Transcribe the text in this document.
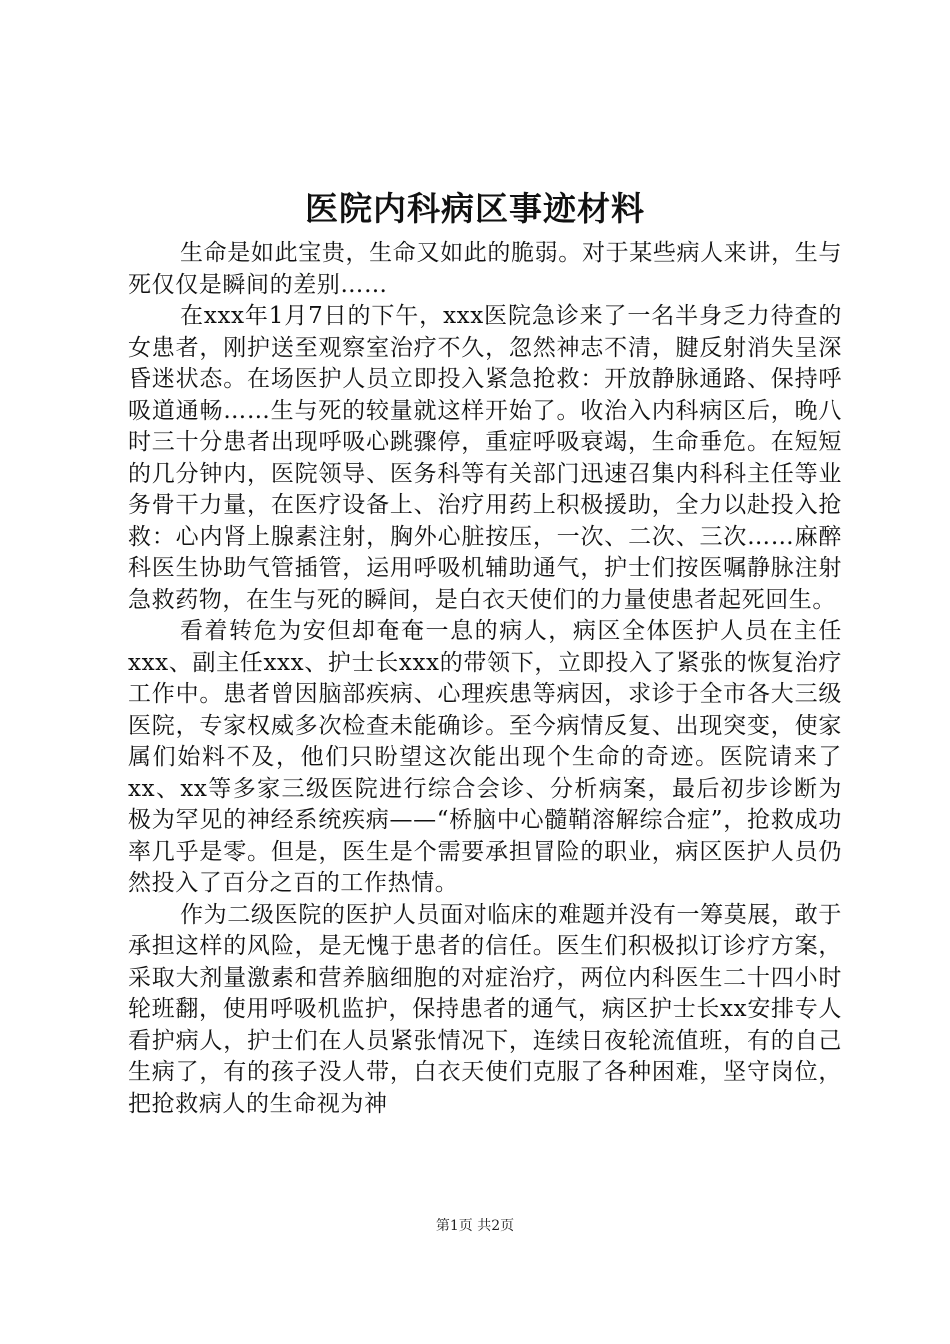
医院内科病区事迹材料

生命是如此宝贵，生命又如此的脆弱。对于某些病人来讲，生与死仅仅是瞬间的差别……

在xxx年1月7日的下午，xxx医院急诊来了一名半身乏力待查的女患者，刚护送至观察室治疗不久，忽然神志不清，腱反射消失呈深昏迷状态。在场医护人员立即投入紧急抢救：开放静脉通路、保持呼吸道通畅……生与死的较量就这样开始了。收治入内科病区后，晚八时三十分患者出现呼吸心跳骤停，重症呼吸衰竭，生命垂危。在短短的几分钟内，医院领导、医务科等有关部门迅速召集内科科主任等业务骨干力量，在医疗设备上、治疗用药上积极援助，全力以赴投入抢救：心内肾上腺素注射，胸外心脏按压，一次、二次、三次……麻醉科医生协助气管插管，运用呼吸机辅助通气，护士们按医嘱静脉注射急救药物，在生与死的瞬间，是白衣天使们的力量使患者起死回生。

看着转危为安但却奄奄一息的病人，病区全体医护人员在主任xxx、副主任xxx、护士长xxx的带领下，立即投入了紧张的恢复治疗工作中。患者曾因脑部疾病、心理疾患等病因，求诊于全市各大三级医院，专家权威多次检查未能确诊。至今病情反复、出现突变，使家属们始料不及，他们只盼望这次能出现个生命的奇迹。医院请来了xx、xx等多家三级医院进行综合会诊、分析病案，最后初步诊断为极为罕见的神经系统疾病——“桥脑中心髓鞘溶解综合症”，抢救成功率几乎是零。但是，医生是个需要承担冒险的职业，病区医护人员仍然投入了百分之百的工作热情。

作为二级医院的医护人员面对临床的难题并没有一筹莫展，敢于承担这样的风险，是无愧于患者的信任。医生们积极拟订诊疗方案，采取大剂量激素和营养脑细胞的对症治疗，两位内科医生二十四小时轮班翻，使用呼吸机监护，保持患者的通气，病区护士长xx安排专人看护病人，护士们在人员紧张情况下，连续日夜轮流值班，有的自己生病了，有的孩子没人带，白衣天使们克服了各种困难，坚守岗位，把抢救病人的生命视为神

第1页 共2页
